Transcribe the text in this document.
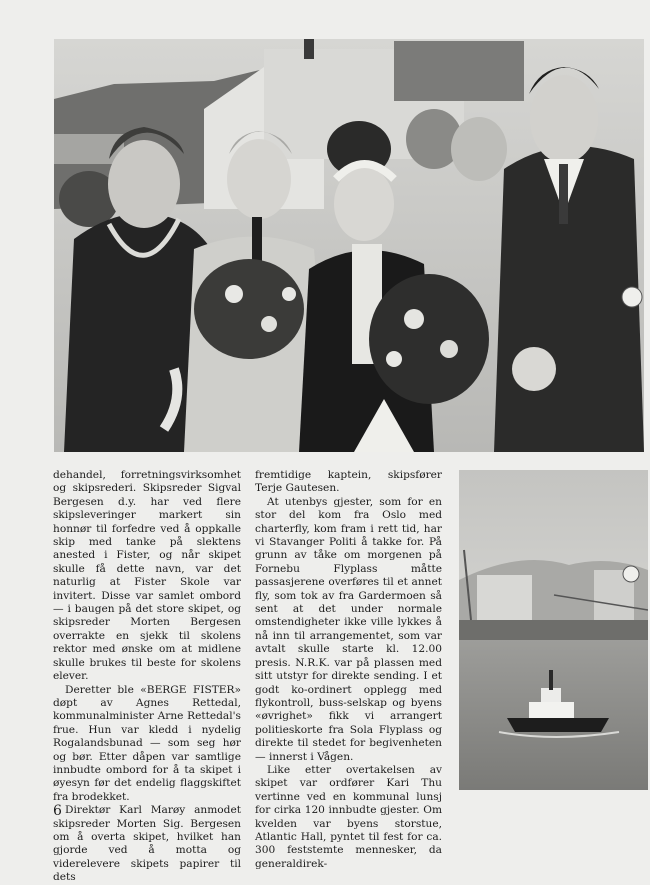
dehandel, forretningsvirksomhet og skipsrederi. Skipsreder Sigval Bergesen d.y. har ved flere skipsleveringer markert sin honnør til forfedre ved å oppkalle skip med tanke på slektens anested i Fister, og når skipet skulle få dette navn, var det naturlig at Fister Skole var invitert. Disse var samlet ombord — i baugen på det store skipet, og skipsreder Morten Bergesen overrakte en sjekk til skolens rektor med ønske om at midlene skulle brukes til beste for skolens elever.

Deretter ble «BERGE FISTER» døpt av Agnes Rettedal, kommunalminister Arne Rettedal's frue. Hun var kledd i nydelig Rogalandsbunad — som seg hør og bør. Etter dåpen var samtlige innbudte ombord for å ta skipet i øyesyn før det endelig flaggskiftet fra brodekket.

Direktør Karl Marøy anmodet skipsreder Morten Sig. Bergesen om å overta skipet, hvilket han gjorde ved å motta og viderelevere skipets papirer til dets

fremtidige kaptein, skipsfører Terje Gautesen.

At utenbys gjester, som for en stor del kom fra Oslo med charterfly, kom fram i rett tid, har vi Stavanger Politi å takke for. På grunn av tåke om morgenen på Fornebu Flyplass måtte passasjerene overføres til et annet fly, som tok av fra Gardermoen så sent at det under normale omstendigheter ikke ville lykkes å nå inn til arrangementet, som var avtalt skulle starte kl. 12.00 presis. N.R.K. var på plassen med sitt utstyr for direkte sending. I et godt ko-ordinert opplegg med flykontroll, buss-selskap og byens «øvrighet» fikk vi arrangert politieskorte fra Sola Flyplass og direkte til stedet for begivenheten — innerst i Vågen.

Like etter overtakelsen av skipet var ordfører Kari Thu vertinne ved en kommunal lunsj for cirka 120 innbudte gjester. Om kvelden var byens storstue, Atlantic Hall, pyntet til fest for ca. 300 feststemte mennesker, da generaldirek-

6
